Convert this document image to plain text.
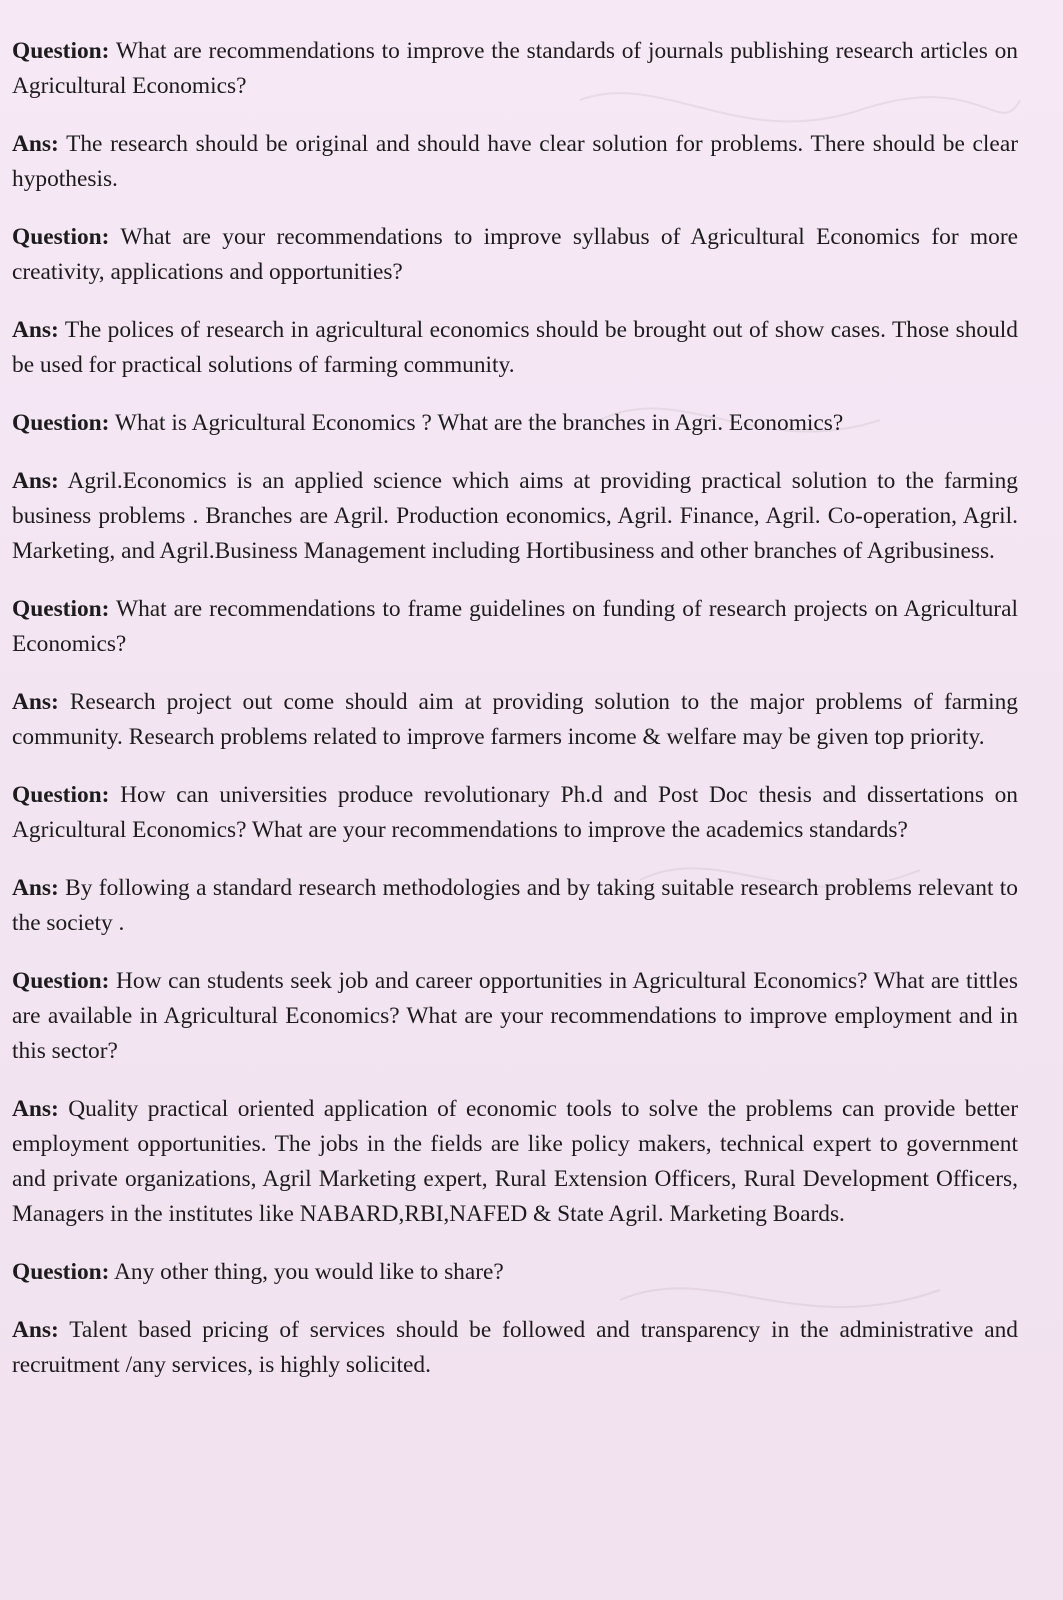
Question: What are recommendations to improve the standards of journals publishing research articles on Agricultural Economics?

Ans: The research should be original and should have clear solution for problems. There should be clear hypothesis.

Question: What are your recommendations to improve syllabus of Agricultural Economics for more creativity, applications and opportunities?

Ans: The polices of research in agricultural economics should be brought out of show cases. Those should be used for practical solutions of farming community.

Question: What is Agricultural Economics ? What are the branches in Agri. Economics?

Ans: Agril.Economics is an applied science which aims at providing practical solution to the farming business problems . Branches are Agril. Production economics, Agril. Finance, Agril. Co-operation, Agril. Marketing, and Agril.Business Management including Hortibusiness and other branches of Agribusiness.

Question: What are recommendations to frame guidelines on funding of research projects on Agricultural Economics?

Ans: Research project out come should aim at providing solution to the major problems of farming community. Research problems related to improve farmers income & welfare may be given top priority.

Question: How can universities produce revolutionary Ph.d and Post Doc thesis and dissertations on Agricultural Economics? What are your recommendations to improve the academics standards?

Ans: By following a standard research methodologies and by taking suitable research problems relevant to the society .

Question: How can students seek job and career opportunities in Agricultural Economics? What are tittles are available in Agricultural Economics? What are your recommendations to improve employment and in this sector?

Ans: Quality practical oriented application of economic tools to solve the problems can provide better employment opportunities. The jobs in the fields are like policy makers, technical expert to government and private organizations, Agril Marketing expert, Rural Extension Officers, Rural Development Officers, Managers in the institutes like NABARD,RBI,NAFED & State Agril. Marketing Boards.

Question: Any other thing, you would like to share?

Ans: Talent based pricing of services should be followed and transparency in the administrative and recruitment /any services, is highly solicited.
